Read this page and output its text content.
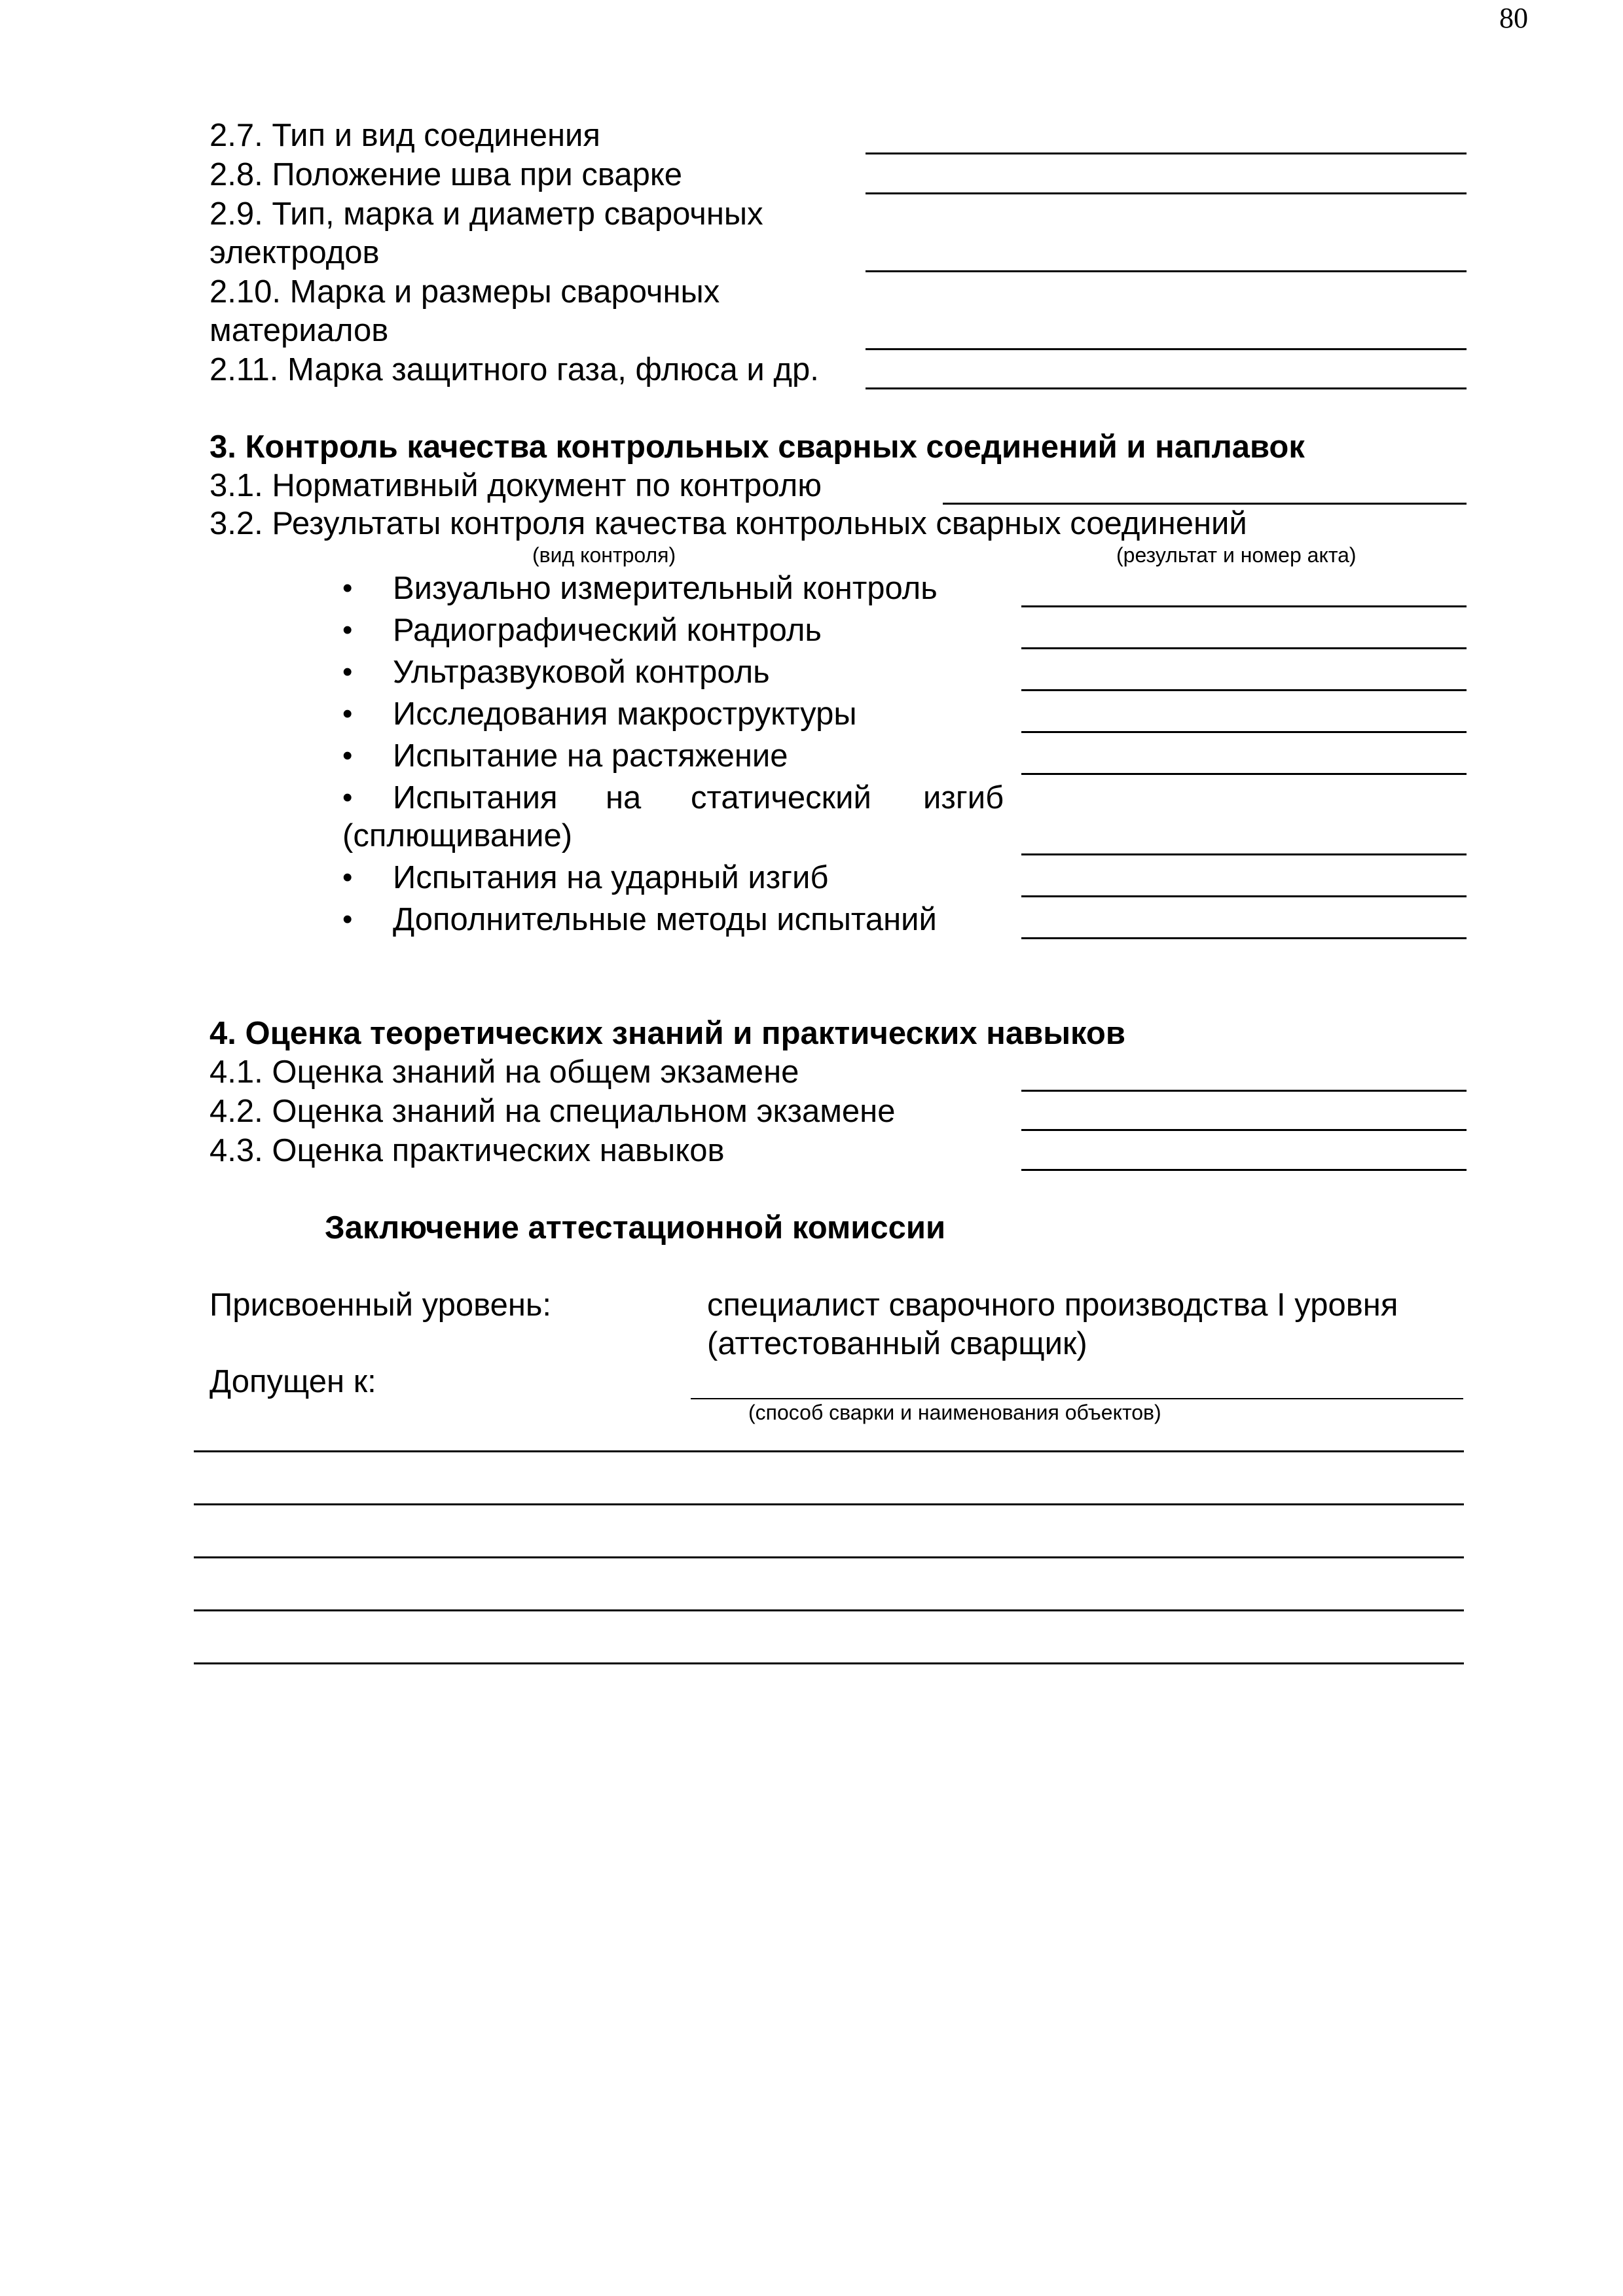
80
2.7. Тип и вид соединения
2.8. Положение шва при сварке
2.9. Тип, марка и диаметр сварочных
электродов
2.10. Марка и размеры сварочных
материалов
2.11. Марка защитного газа, флюса и др.
3. Контроль качества контрольных сварных соединений и наплавок
3.1. Нормативный документ по контролю
3.2. Результаты контроля качества контрольных сварных соединений
(вид контроля)	(результат и номер акта)
• Визуально измерительный контроль
• Радиографический контроль
• Ультразвуковой контроль
• Исследования макроструктуры
• Испытание на растяжение
• Испытания на статический изгиб
(сплющивание)
• Испытания на ударный изгиб
• Дополнительные методы испытаний
4. Оценка теоретических знаний и практических навыков
4.1. Оценка знаний на общем экзамене
4.2. Оценка знаний на специальном экзамене
4.3. Оценка практических навыков
Заключение аттестационной комиссии
Присвоенный уровень:	специалист сварочного производства I уровня
(аттестованный сварщик)
Допущен к:
(способ сварки и наименования объектов)
